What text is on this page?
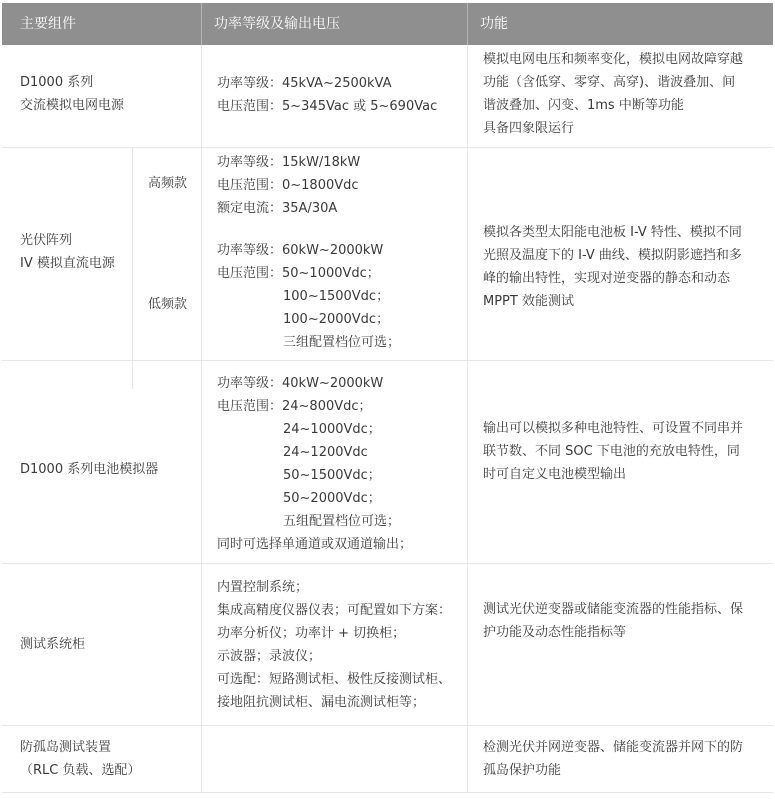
主要组件	功率等级及输出电压	功能
D1000 系列
交流模拟电网电源
功率等级：45kVA~2500kVA
电压范围：5~345Vac 或 5~690Vac
模拟电网电压和频率变化，模拟电网故障穿越
功能（含低穿、零穿、高穿)、谐波叠加、间
谐波叠加、闪变、1ms 中断等功能
具备四象限运行
光伏阵列
IV 模拟直流电源
高频款
低频款
功率等级：15kW/18kW
电压范围：0~1800Vdc
额定电流：35A/30A
功率等级：60kW~2000kW
电压范围：50~1000Vdc；
100~1500Vdc；
100~2000Vdc；
三组配置档位可选；
模拟各类型太阳能电池板 I-V 特性、模拟不同
光照及温度下的 I-V 曲线、模拟阴影遮挡和多
峰的输出特性，实现对逆变器的静态和动态
MPPT 效能测试
D1000 系列电池模拟器
功率等级：40kW~2000kW
电压范围：24~800Vdc；
24~1000Vdc；
24~1200Vdc
50~1500Vdc；
50~2000Vdc；
五组配置档位可选；
同时可选择单通道或双通道输出；
输出可以模拟多种电池特性、可设置不同串并
联节数、不同 SOC 下电池的充放电特性，同
时可自定义电池模型输出
测试系统柜
内置控制系统；
集成高精度仪器仪表；可配置如下方案：
功率分析仪；功率计 + 切换柜；
示波器；录波仪；
可选配：短路测试柜、极性反接测试柜、
接地阻抗测试柜、漏电流测试柜等；
测试光伏逆变器或储能变流器的性能指标、保
护功能及动态性能指标等
防孤岛测试装置
（RLC 负载、选配）
检测光伏并网逆变器、储能变流器并网下的防
孤岛保护功能
